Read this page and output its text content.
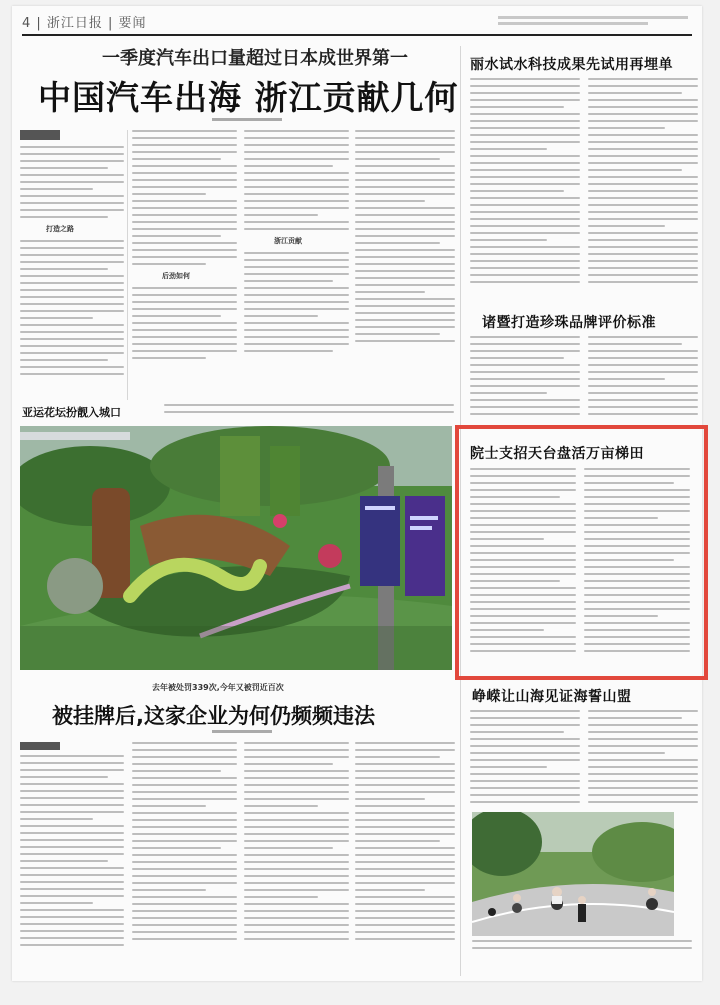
4 | 浙江日报 | 要闻
一季度汽车出口量超过日本成世界第一
中国汽车出海 浙江贡献几何
打造之路
后劲如何
浙江贡献
丽水试水科技成果先试用再埋单
诸暨打造珍珠品牌评价标准
院士支招天台盘活万亩梯田
峥嵘让山海见证海誓山盟
亚运花坛扮靓入城口
去年被处罚339次,今年又被罚近百次
被挂牌后,这家企业为何仍频频违法
